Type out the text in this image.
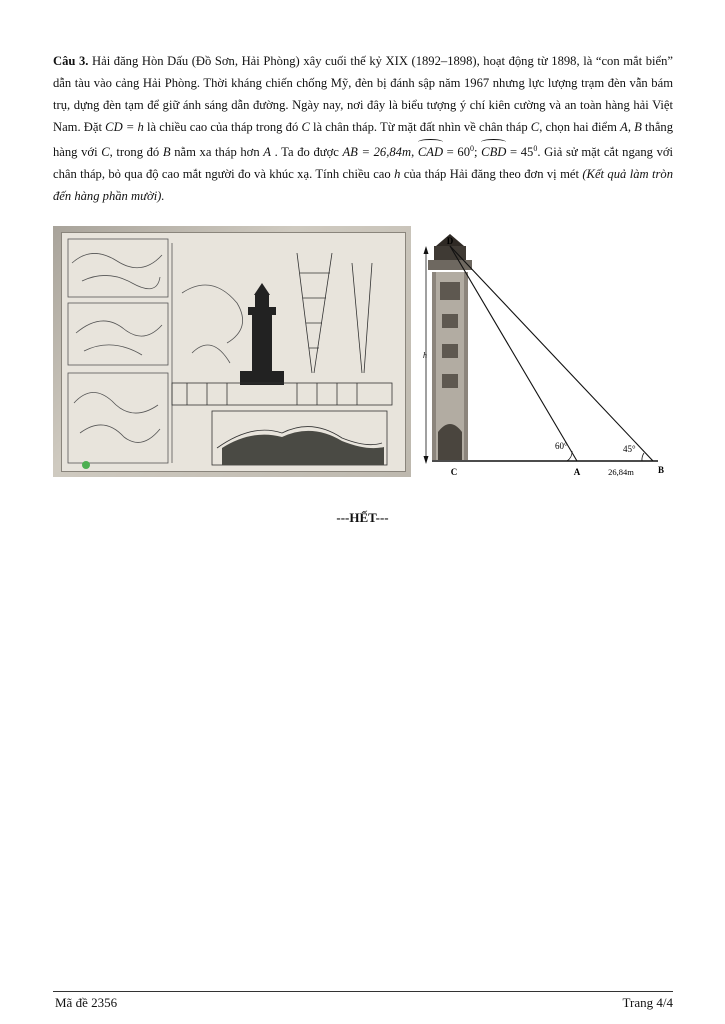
Câu 3. Hải đăng Hòn Dấu (Đồ Sơn, Hải Phòng) xây cuối thế kỷ XIX (1892–1898), hoạt động từ 1898, là “con mắt biển” dẫn tàu vào cảng Hải Phòng. Thời kháng chiến chống Mỹ, đèn bị đánh sập năm 1967 nhưng lực lượng trạm đèn vẫn bám trụ, dựng đèn tạm để giữ ánh sáng dẫn đường. Ngày nay, nơi đây là biểu tượng ý chí kiên cường và an toàn hàng hải Việt Nam. Đặt CD = h là chiều cao của tháp trong đó C là chân tháp. Từ mặt đất nhìn về chân tháp C, chọn hai điểm A, B thẳng hàng với C, trong đó B nằm xa tháp hơn A . Ta đo được AB = 26,84m, CAD = $60^0$; CBD = $45^0$. Giả sử mặt cắt ngang với chân tháp, bỏ qua độ cao mắt người đo và khúc xạ. Tính chiều cao h của tháp Hải đăng theo đơn vị mét (Kết quả làm tròn đến hàng phần mười).
D
C	A	B
h
60°	45°
26,84m
---HẾT---
Mã đề 2356	Trang 4/4
